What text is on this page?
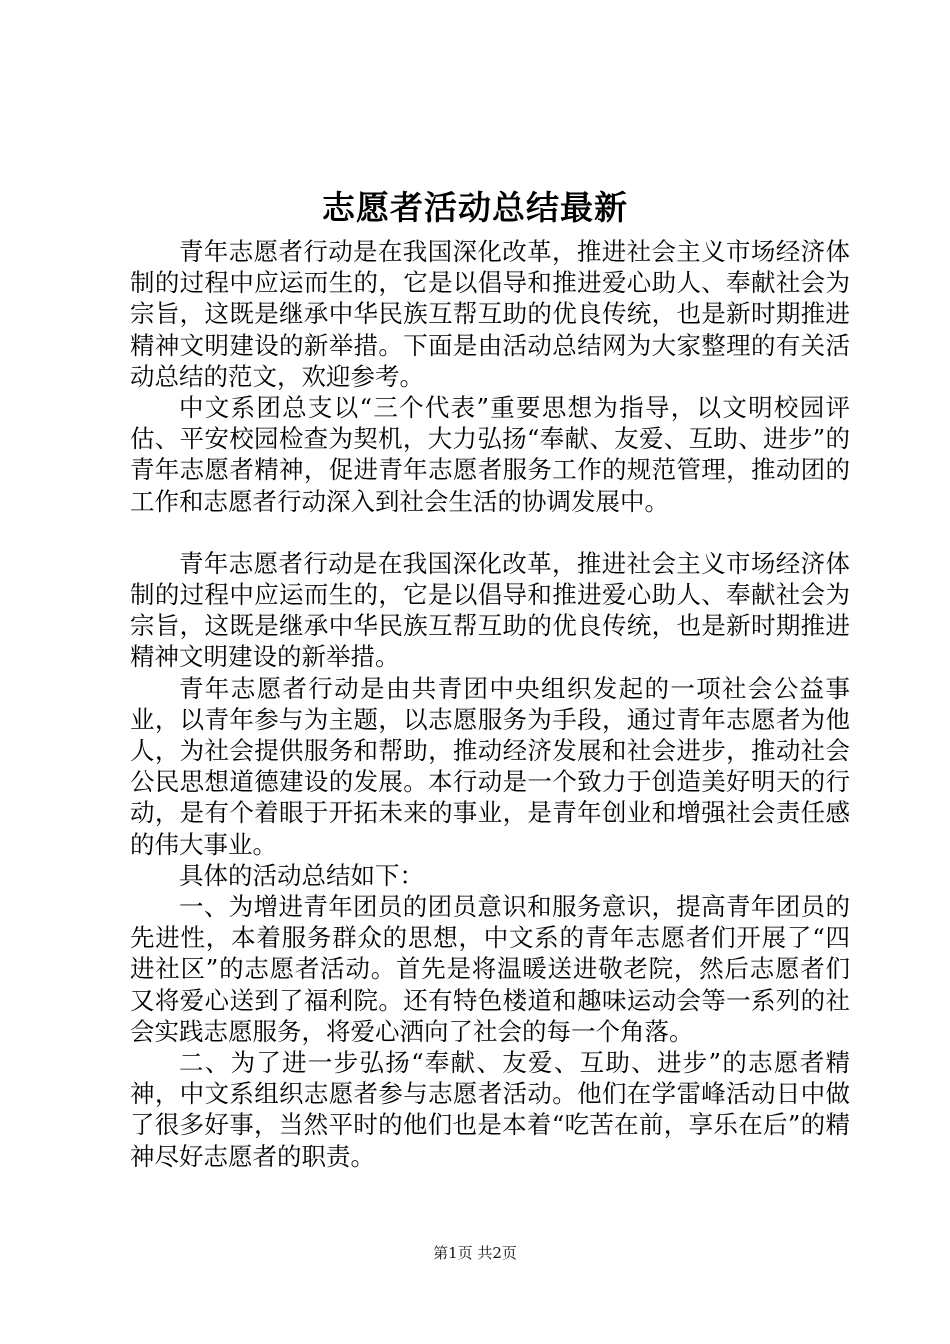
志愿者活动总结最新

青年志愿者行动是在我国深化改革，推进社会主义市场经济体制的过程中应运而生的，它是以倡导和推进爱心助人、奉献社会为宗旨，这既是继承中华民族互帮互助的优良传统，也是新时期推进精神文明建设的新举措。下面是由活动总结网为大家整理的有关活动总结的范文，欢迎参考。

中文系团总支以“三个代表”重要思想为指导，以文明校园评估、平安校园检查为契机，大力弘扬“奉献、友爱、互助、进步”的青年志愿者精神，促进青年志愿者服务工作的规范管理，推动团的工作和志愿者行动深入到社会生活的协调发展中。

青年志愿者行动是在我国深化改革，推进社会主义市场经济体制的过程中应运而生的，它是以倡导和推进爱心助人、奉献社会为宗旨，这既是继承中华民族互帮互助的优良传统，也是新时期推进精神文明建设的新举措。

青年志愿者行动是由共青团中央组织发起的一项社会公益事业，以青年参与为主题，以志愿服务为手段，通过青年志愿者为他人，为社会提供服务和帮助，推动经济发展和社会进步，推动社会公民思想道德建设的发展。本行动是一个致力于创造美好明天的行动，是有个着眼于开拓未来的事业，是青年创业和增强社会责任感的伟大事业。

具体的活动总结如下：

一、为增进青年团员的团员意识和服务意识，提高青年团员的先进性，本着服务群众的思想，中文系的青年志愿者们开展了“四进社区”的志愿者活动。首先是将温暖送进敬老院，然后志愿者们又将爱心送到了福利院。还有特色楼道和趣味运动会等一系列的社会实践志愿服务，将爱心洒向了社会的每一个角落。

二、为了进一步弘扬“奉献、友爱、互助、进步”的志愿者精神，中文系组织志愿者参与志愿者活动。他们在学雷峰活动日中做了很多好事，当然平时的他们也是本着“吃苦在前，享乐在后”的精神尽好志愿者的职责。

第1页 共2页
